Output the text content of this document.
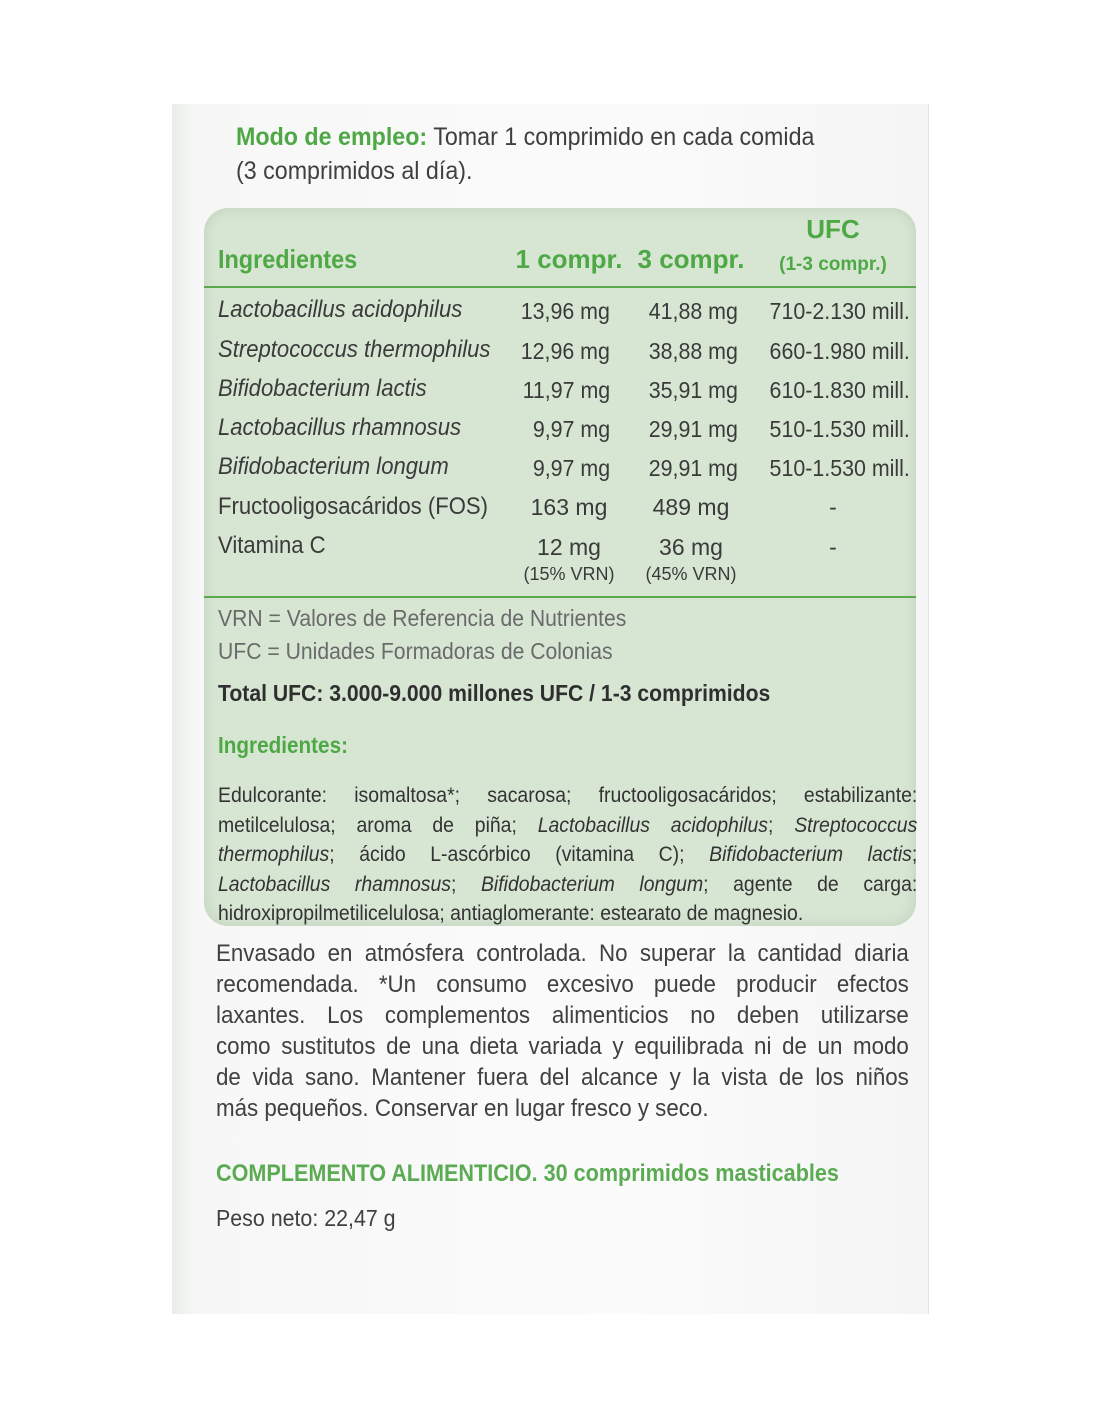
Modo de empleo: Tomar 1 comprimido en cada comida
(3 comprimidos al día).
Ingredientes	1 compr. 3 compr.
UFC
(1-3 compr.)
Lactobacillus acidophilus	13,96 mg 41,88 mg 710-2.130 mill.
Streptococcus thermophilus 12,96 mg 38,88 mg 660-1.980 mill.
Bifidobacterium lactis	11,97 mg 35,91 mg 610-1.830 mill.
Lactobacillus rhamnosus	9,97 mg 29,91 mg 510-1.530 mill.
Bifidobacterium longum	9,97 mg 29,91 mg 510-1.530 mill.
Fructooligosacáridos (FOS)	163 mg	489 mg	-
Vitamina C	12 mg	36 mg	-
(15% VRN)	(45% VRN)
VRN = Valores de Referencia de Nutrientes
UFC = Unidades Formadoras de Colonias
Total UFC: 3.000-9.000 millones UFC / 1-3 comprimidos
Ingredientes:

Edulcorante: isomaltosa*; sacarosa; fructooligosacáridos; estabilizante:

metilcelulosa; aroma de piña; Lactobacillus acidophilus; Streptococcus

thermophilus; ácido L-ascórbico (vitamina C); Bifidobacterium lactis;

Lactobacillus rhamnosus; Bifidobacterium longum; agente de carga:

hidroxipropilmetilicelulosa; antiaglomerante: estearato de magnesio.

Envasado en atmósfera controlada. No superar la cantidad diaria

recomendada. *Un consumo excesivo puede producir efectos

laxantes. Los complementos alimenticios no deben utilizarse

como sustitutos de una dieta variada y equilibrada ni de un modo

de vida sano. Mantener fuera del alcance y la vista de los niños

más pequeños. Conservar en lugar fresco y seco.

COMPLEMENTO ALIMENTICIO. 30 comprimidos masticables
Peso neto: 22,47 g
